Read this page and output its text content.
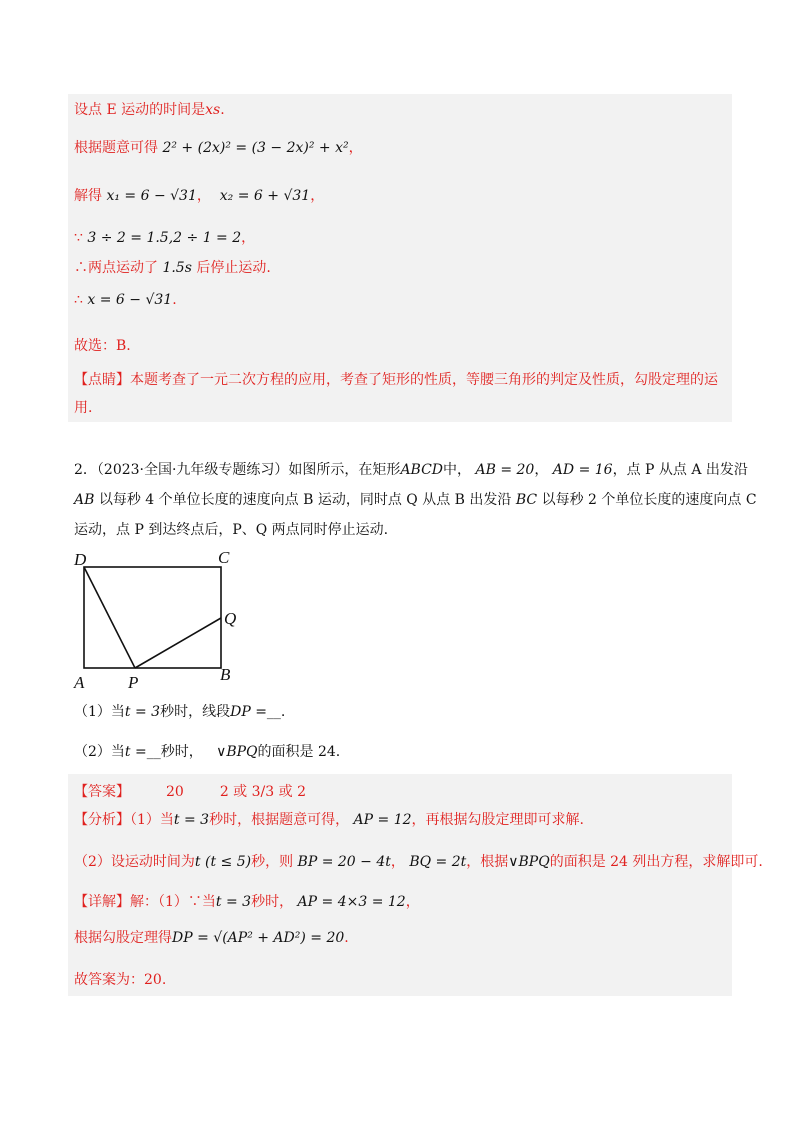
设点 E 运动的时间是xs.
根据题意可得 2² + (2x)² = (3 − 2x)² + x²，
解得 x₁ = 6 − √31， x₂ = 6 + √31，
∵ 3 ÷ 2 = 1.5,2 ÷ 1 = 2，
∴两点运动了 1.5s 后停止运动.
∴ x = 6 − √31.
故选：B.
【点睛】本题考查了一元二次方程的应用，考查了矩形的性质，等腰三角形的判定及性质，勾股定理的运
用.
2．（2023·全国·九年级专题练习）如图所示，在矩形ABCD中， AB = 20， AD = 16，点 P 从点 A 出发沿
AB 以每秒 4 个单位长度的速度向点 B 运动，同时点 Q 从点 B 出发沿 BC 以每秒 2 个单位长度的速度向点 C
运动，点 P 到达终点后，P、Q 两点同时停止运动.
D	C
Q
A	P	B
（1）当t = 3秒时，线段DP =__.
（2）当t =__秒时， ∨BPQ的面积是 24.
【答案】	20	2 或 3/3 或 2
【分析】（1）当t = 3秒时，根据题意可得， AP = 12，再根据勾股定理即可求解.
（2）设运动时间为t (t ≤ 5)秒，则 BP = 20 − 4t， BQ = 2t，根据∨BPQ的面积是 24 列出方程，求解即可.
【详解】解：（1）∵当t = 3秒时， AP = 4×3 = 12，
根据勾股定理得DP = √(AP² + AD²) = 20.
故答案为：20.
